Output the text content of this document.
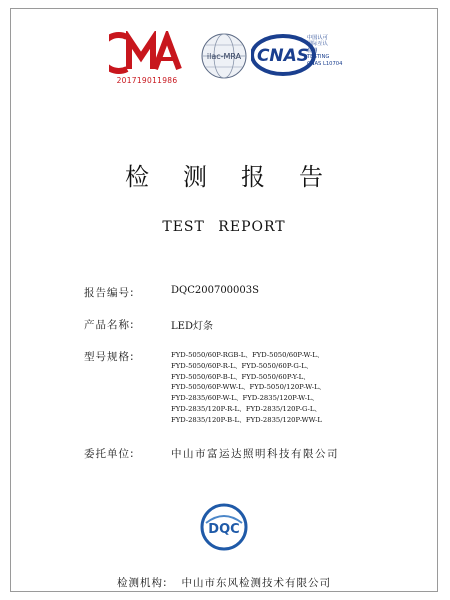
201719011986
ilac-MRA CNAS
中国认可
国际互认
检测
TESTING
CNAS L10704
检测报告
TEST REPORT
报告编号:	DQC200700003S
产品名称:	LED灯条
型号规格:	FYD-5050/60P-RGB-L、FYD-5050/60P-W-L、
FYD-5050/60P-R-L、FYD-5050/60P-G-L、
FYD-5050/60P-B-L、FYD-5050/60P-Y-L、
FYD-5050/60P-WW-L、FYD-5050/120P-W-L、
FYD-2835/60P-W-L、FYD-2835/120P-W-L、
FYD-2835/120P-R-L、FYD-2835/120P-G-L、
FYD-2835/120P-B-L、FYD-2835/120P-WW-L
委托单位:	中山市富运达照明科技有限公司
DQC
检测机构: 中山市东风检测技术有限公司
